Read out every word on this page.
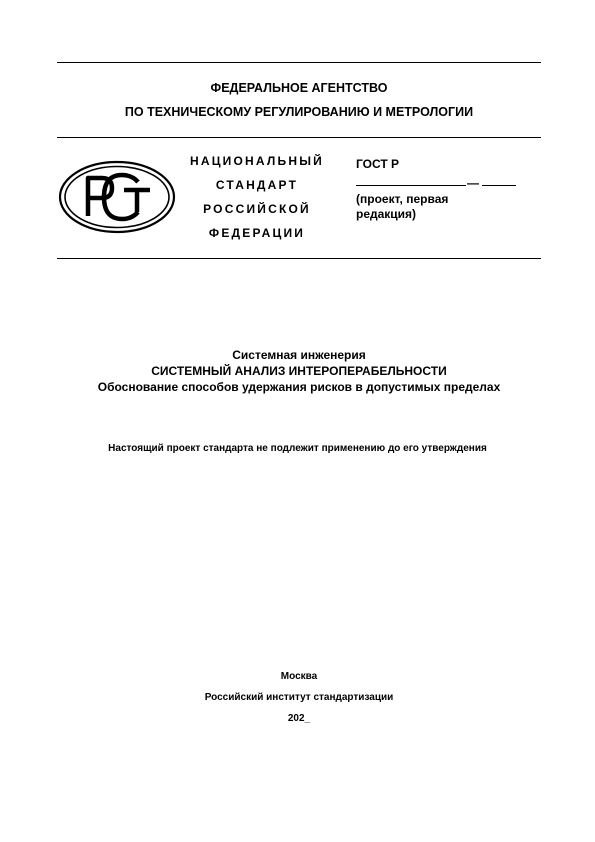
ФЕДЕРАЛЬНОЕ АГЕНТСТВО
ПО ТЕХНИЧЕСКОМУ РЕГУЛИРОВАНИЮ И МЕТРОЛОГИИ
НАЦИОНАЛЬНЫЙ
СТАНДАРТ
РОССИЙСКОЙ
ФЕДЕРАЦИИ
ГОСТ Р
—
(проект, первая
редакция)
Системная инженерия
СИСТЕМНЫЙ АНАЛИЗ ИНТЕРОПЕРАБЕЛЬНОСТИ
Обоснование способов удержания рисков в допустимых пределах
Настоящий проект стандарта не подлежит применению до его утверждения
Москва
Российский институт стандартизации
202_
